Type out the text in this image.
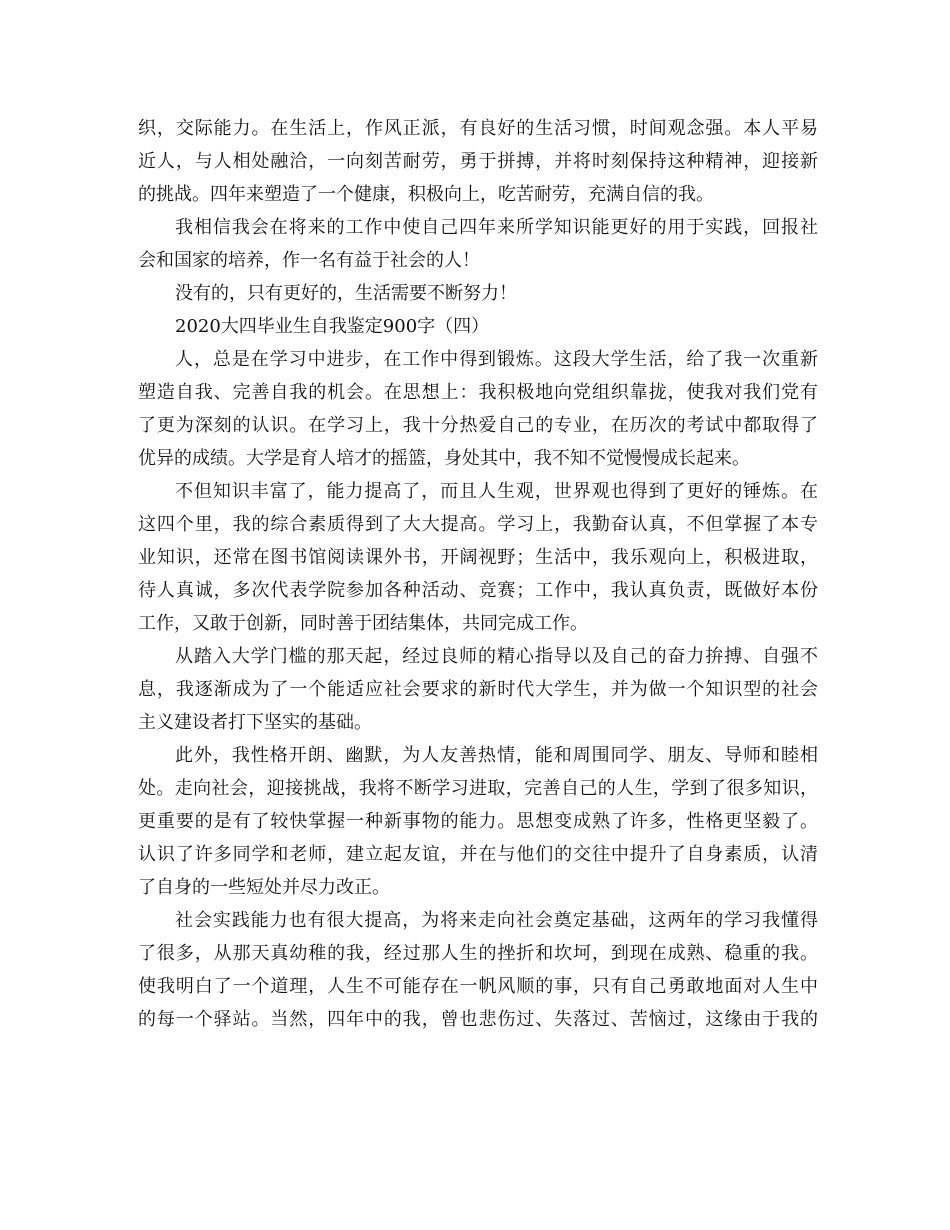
织，交际能力。在生活上，作风正派，有良好的生活习惯，时间观念强。本人平易
近人，与人相处融洽，一向刻苦耐劳，勇于拼搏，并将时刻保持这种精神，迎接新
的挑战。四年来塑造了一个健康，积极向上，吃苦耐劳，充满自信的我。
我相信我会在将来的工作中使自己四年来所学知识能更好的用于实践，回报社
会和国家的培养，作一名有益于社会的人！
没有的，只有更好的，生活需要不断努力！
2020大四毕业生自我鉴定900字（四）
人，总是在学习中进步，在工作中得到锻炼。这段大学生活，给了我一次重新
塑造自我、完善自我的机会。在思想上：我积极地向党组织靠拢，使我对我们党有
了更为深刻的认识。在学习上，我十分热爱自己的专业，在历次的考试中都取得了
优异的成绩。大学是育人培才的摇篮，身处其中，我不知不觉慢慢成长起来。
不但知识丰富了，能力提高了，而且人生观，世界观也得到了更好的锤炼。在
这四个里，我的综合素质得到了大大提高。学习上，我勤奋认真，不但掌握了本专
业知识，还常在图书馆阅读课外书，开阔视野；生活中，我乐观向上，积极进取，
待人真诚，多次代表学院参加各种活动、竞赛；工作中，我认真负责，既做好本份
工作，又敢于创新，同时善于团结集体，共同完成工作。
从踏入大学门槛的那天起，经过良师的精心指导以及自己的奋力拚搏、自强不
息，我逐渐成为了一个能适应社会要求的新时代大学生，并为做一个知识型的社会
主义建设者打下坚实的基础。
此外，我性格开朗、幽默，为人友善热情，能和周围同学、朋友、导师和睦相
处。走向社会，迎接挑战，我将不断学习进取，完善自己的人生，学到了很多知识，
更重要的是有了较快掌握一种新事物的能力。思想变成熟了许多，性格更坚毅了。
认识了许多同学和老师，建立起友谊，并在与他们的交往中提升了自身素质，认清
了自身的一些短处并尽力改正。
社会实践能力也有很大提高，为将来走向社会奠定基础，这两年的学习我懂得
了很多，从那天真幼稚的我，经过那人生的挫折和坎坷，到现在成熟、稳重的我。
使我明白了一个道理，人生不可能存在一帆风顺的事，只有自己勇敢地面对人生中
的每一个驿站。当然，四年中的我，曾也悲伤过、失落过、苦恼过，这缘由于我的
